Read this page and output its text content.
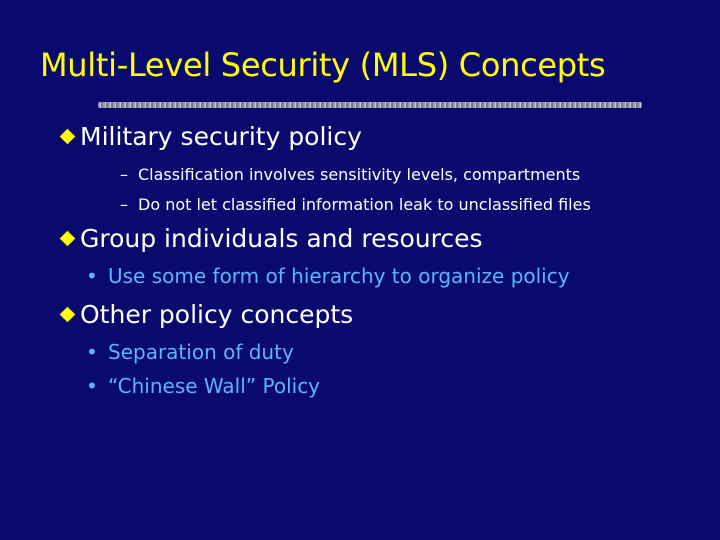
Multi-Level Security (MLS) Concepts
Military security policy
– Classification involves sensitivity levels, compartments
– Do not let classified information leak to unclassified files
Group individuals and resources
• Use some form of hierarchy to organize policy
Other policy concepts
• Separation of duty
• “Chinese Wall” Policy
